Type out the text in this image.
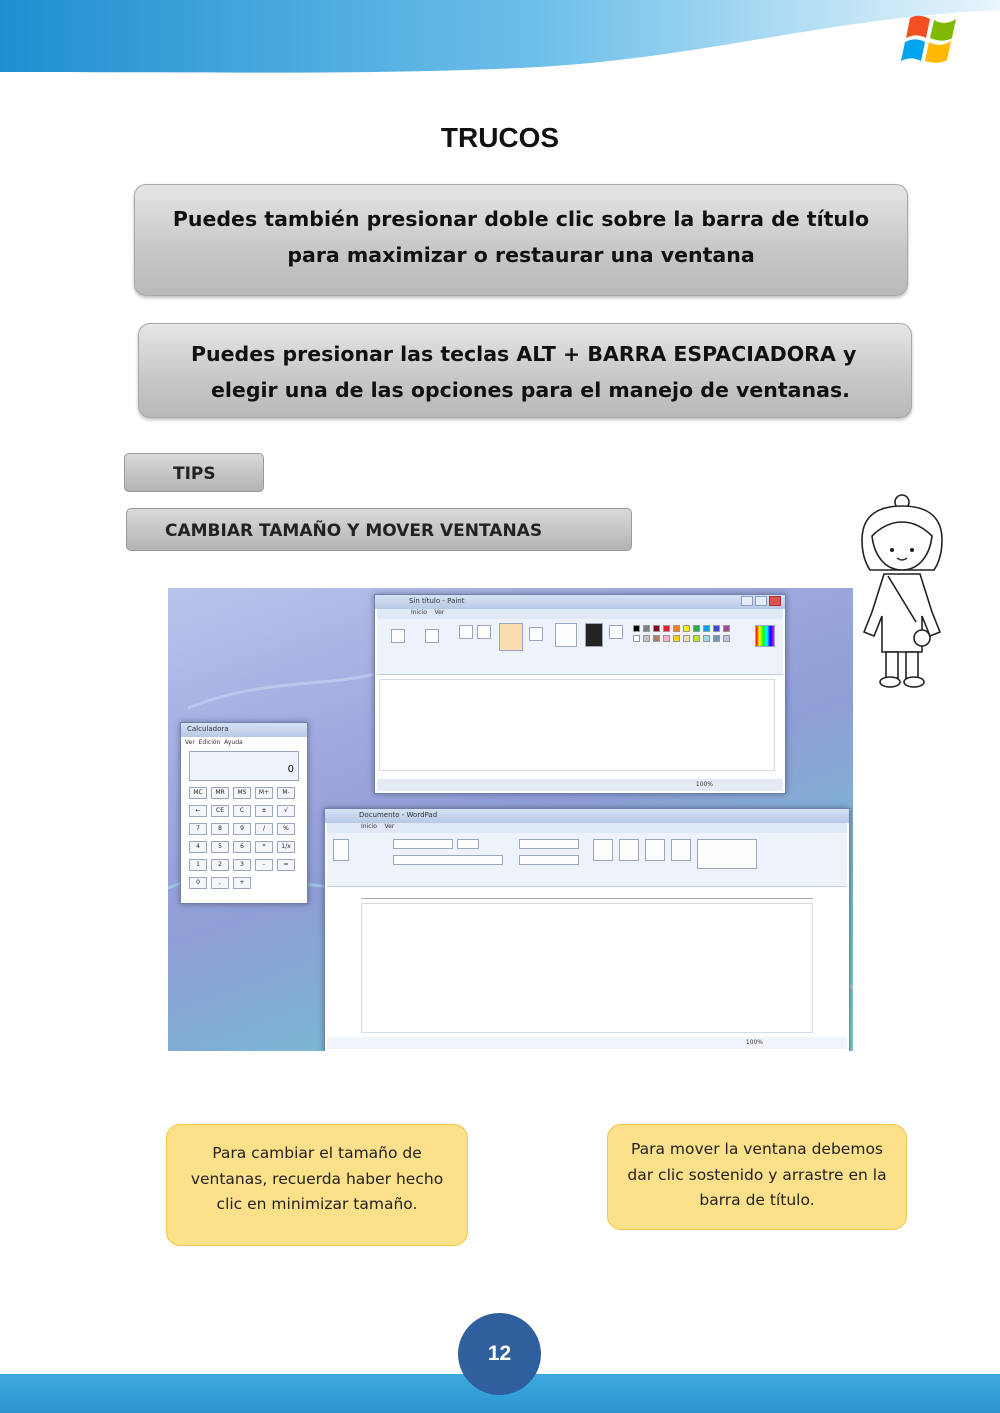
TRUCOS
Puedes también presionar doble clic sobre la barra de título
para maximizar o restaurar una ventana
Puedes presionar las teclas ALT + BARRA ESPACIADORA y
elegir una de las opciones para el manejo de ventanas.
TIPS
CAMBIAR TAMAÑO Y MOVER VENTANAS
Sin título - Paint
Inicio Ver
100%
Calculadora
Ver Edición Ayuda
0
MC	MR	MS	M+	M-
←	CE	C	±	√
7	8	9	/	%
4	5	6	*	1/x
1	2	3	-	=
0	,	+
Documento - WordPad
Inicio Ver
100%
Para cambiar el tamaño de
ventanas, recuerda haber hecho
clic en minimizar tamaño.
Para mover la ventana debemos
dar clic sostenido y arrastre en la
barra de título.
12
